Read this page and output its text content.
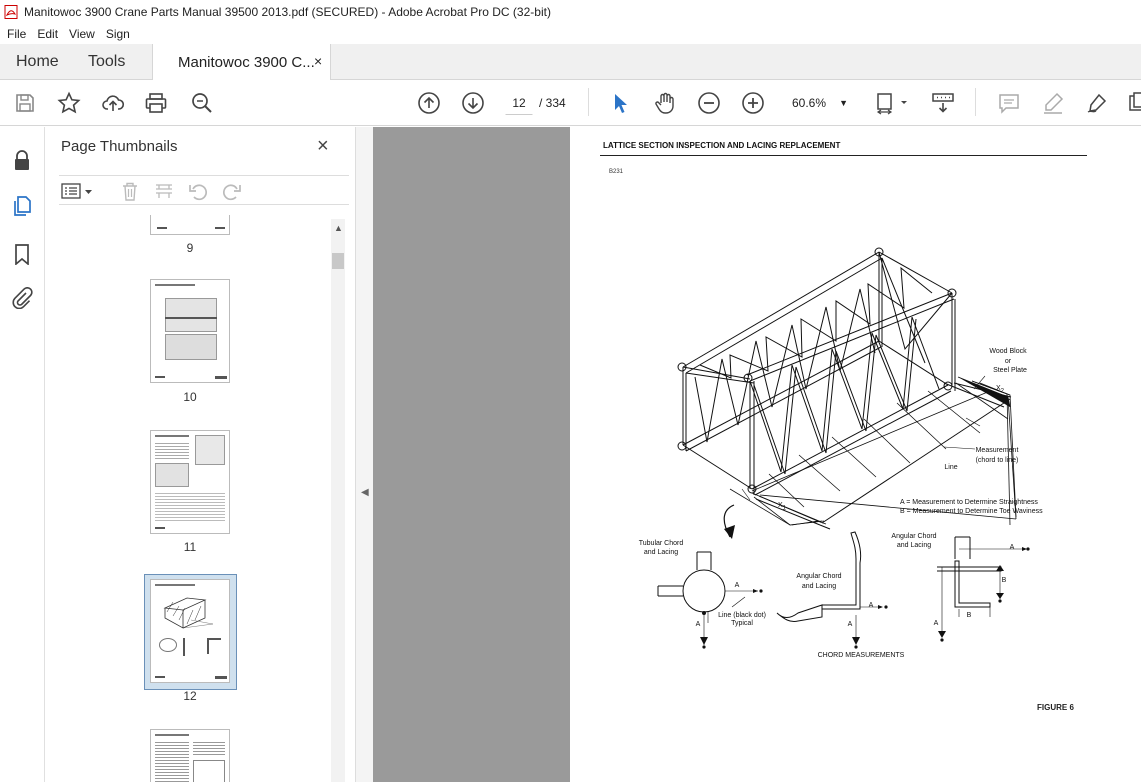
Manitowoc 3900 Crane Parts Manual 39500 2013.pdf (SECURED) - Adobe Acrobat Pro DC (32-bit)
File Edit View Sign
Home Tools	Manitowoc 3900 C... ×
12	/ 334	60.6% ▼
Page Thumbnails	×
9
10
11
12
▲
◀
LATTICE SECTION INSPECTION AND LACING REPLACEMENT
B231
Wood Block
or
Steel Plate
$X_2$
Measurement
(chord to line)
Line
$X_1$
A = Measurement to Determine Straightness
B = Measurement to Determine Toe Waviness
Tubular Chord
and Lacing
Angular Chord
and Lacing
Angular Chord
and Lacing
Line (black dot)
Typical
CHORD MEASUREMENTS
A
A
A
A
A
A
B
B
FIGURE 6
